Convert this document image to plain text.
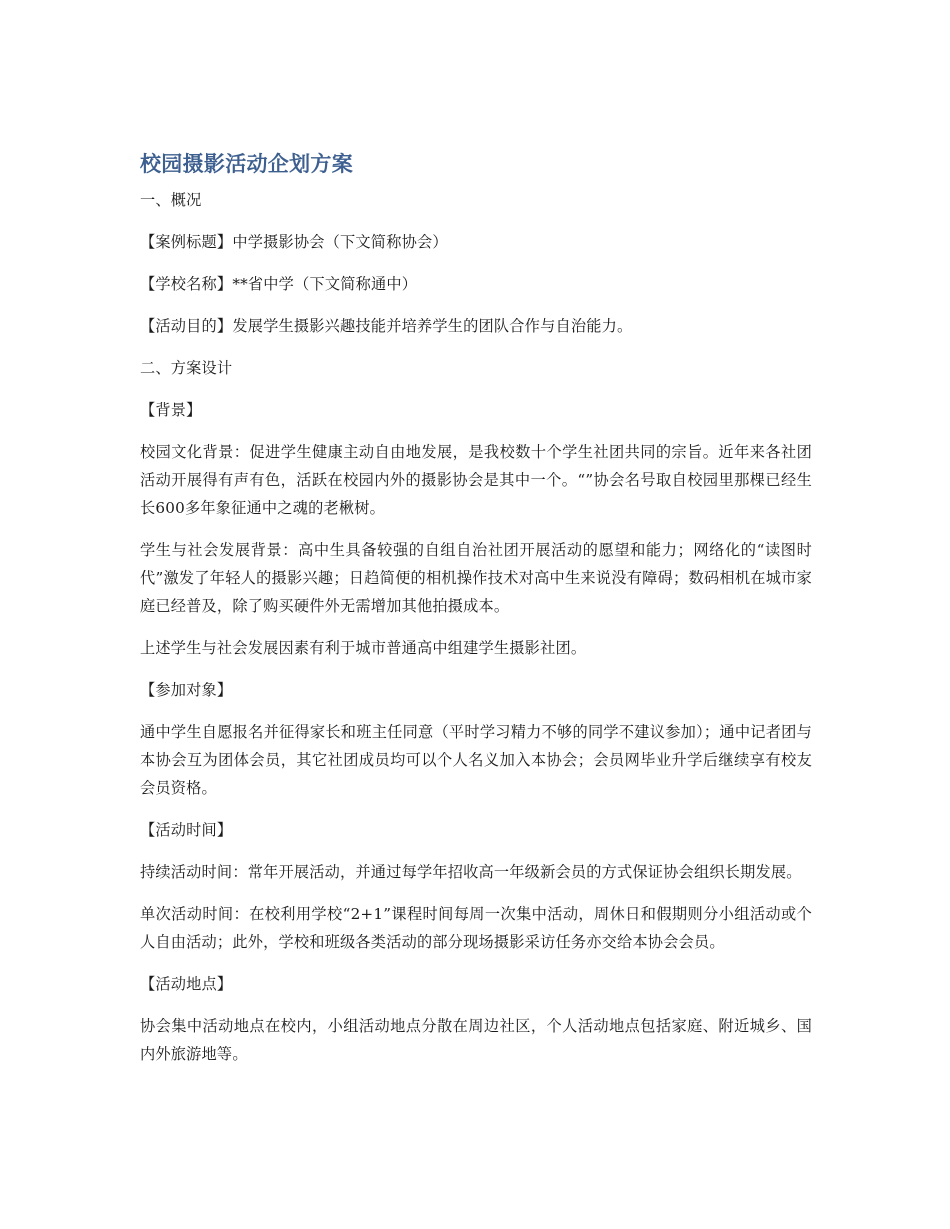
校园摄影活动企划方案

一、概况

【案例标题】中学摄影协会（下文简称协会）

【学校名称】**省中学（下文简称通中）

【活动目的】发展学生摄影兴趣技能并培养学生的团队合作与自治能力。

二、方案设计

【背景】

校园文化背景：促进学生健康主动自由地发展，是我校数十个学生社团共同的宗旨。近年来各社团活动开展得有声有色，活跃在校园内外的摄影协会是其中一个。“”协会名号取自校园里那棵已经生长600多年象征通中之魂的老楸树。

学生与社会发展背景：高中生具备较强的自组自治社团开展活动的愿望和能力；网络化的“读图时代”激发了年轻人的摄影兴趣；日趋简便的相机操作技术对高中生来说没有障碍；数码相机在城市家庭已经普及，除了购买硬件外无需增加其他拍摄成本。

上述学生与社会发展因素有利于城市普通高中组建学生摄影社团。

【参加对象】

通中学生自愿报名并征得家长和班主任同意（平时学习精力不够的同学不建议参加）；通中记者团与本协会互为团体会员，其它社团成员均可以个人名义加入本协会；会员网毕业升学后继续享有校友会员资格。

【活动时间】

持续活动时间：常年开展活动，并通过每学年招收高一年级新会员的方式保证协会组织长期发展。

单次活动时间：在校利用学校“2+1”课程时间每周一次集中活动，周休日和假期则分小组活动或个人自由活动；此外，学校和班级各类活动的部分现场摄影采访任务亦交给本协会会员。

【活动地点】

协会集中活动地点在校内，小组活动地点分散在周边社区，个人活动地点包括家庭、附近城乡、国内外旅游地等。
